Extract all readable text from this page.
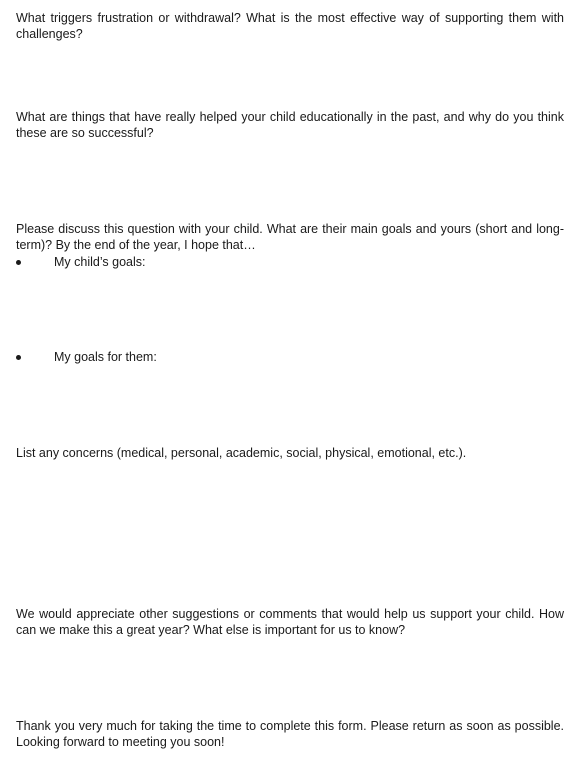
What triggers frustration or withdrawal? What is the most effective way of supporting them with challenges?

What are things that have really helped your child educationally in the past, and why do you think these are so successful?

Please discuss this question with your child. What are their main goals and yours (short and long-term)? By the end of the year, I hope that…

My child’s goals:
My goals for them:

List any concerns (medical, personal, academic, social, physical, emotional, etc.).

We would appreciate other suggestions or comments that would help us support your child. How can we make this a great year? What else is important for us to know?

Thank you very much for taking the time to complete this form. Please return as soon as possible. Looking forward to meeting you soon!
